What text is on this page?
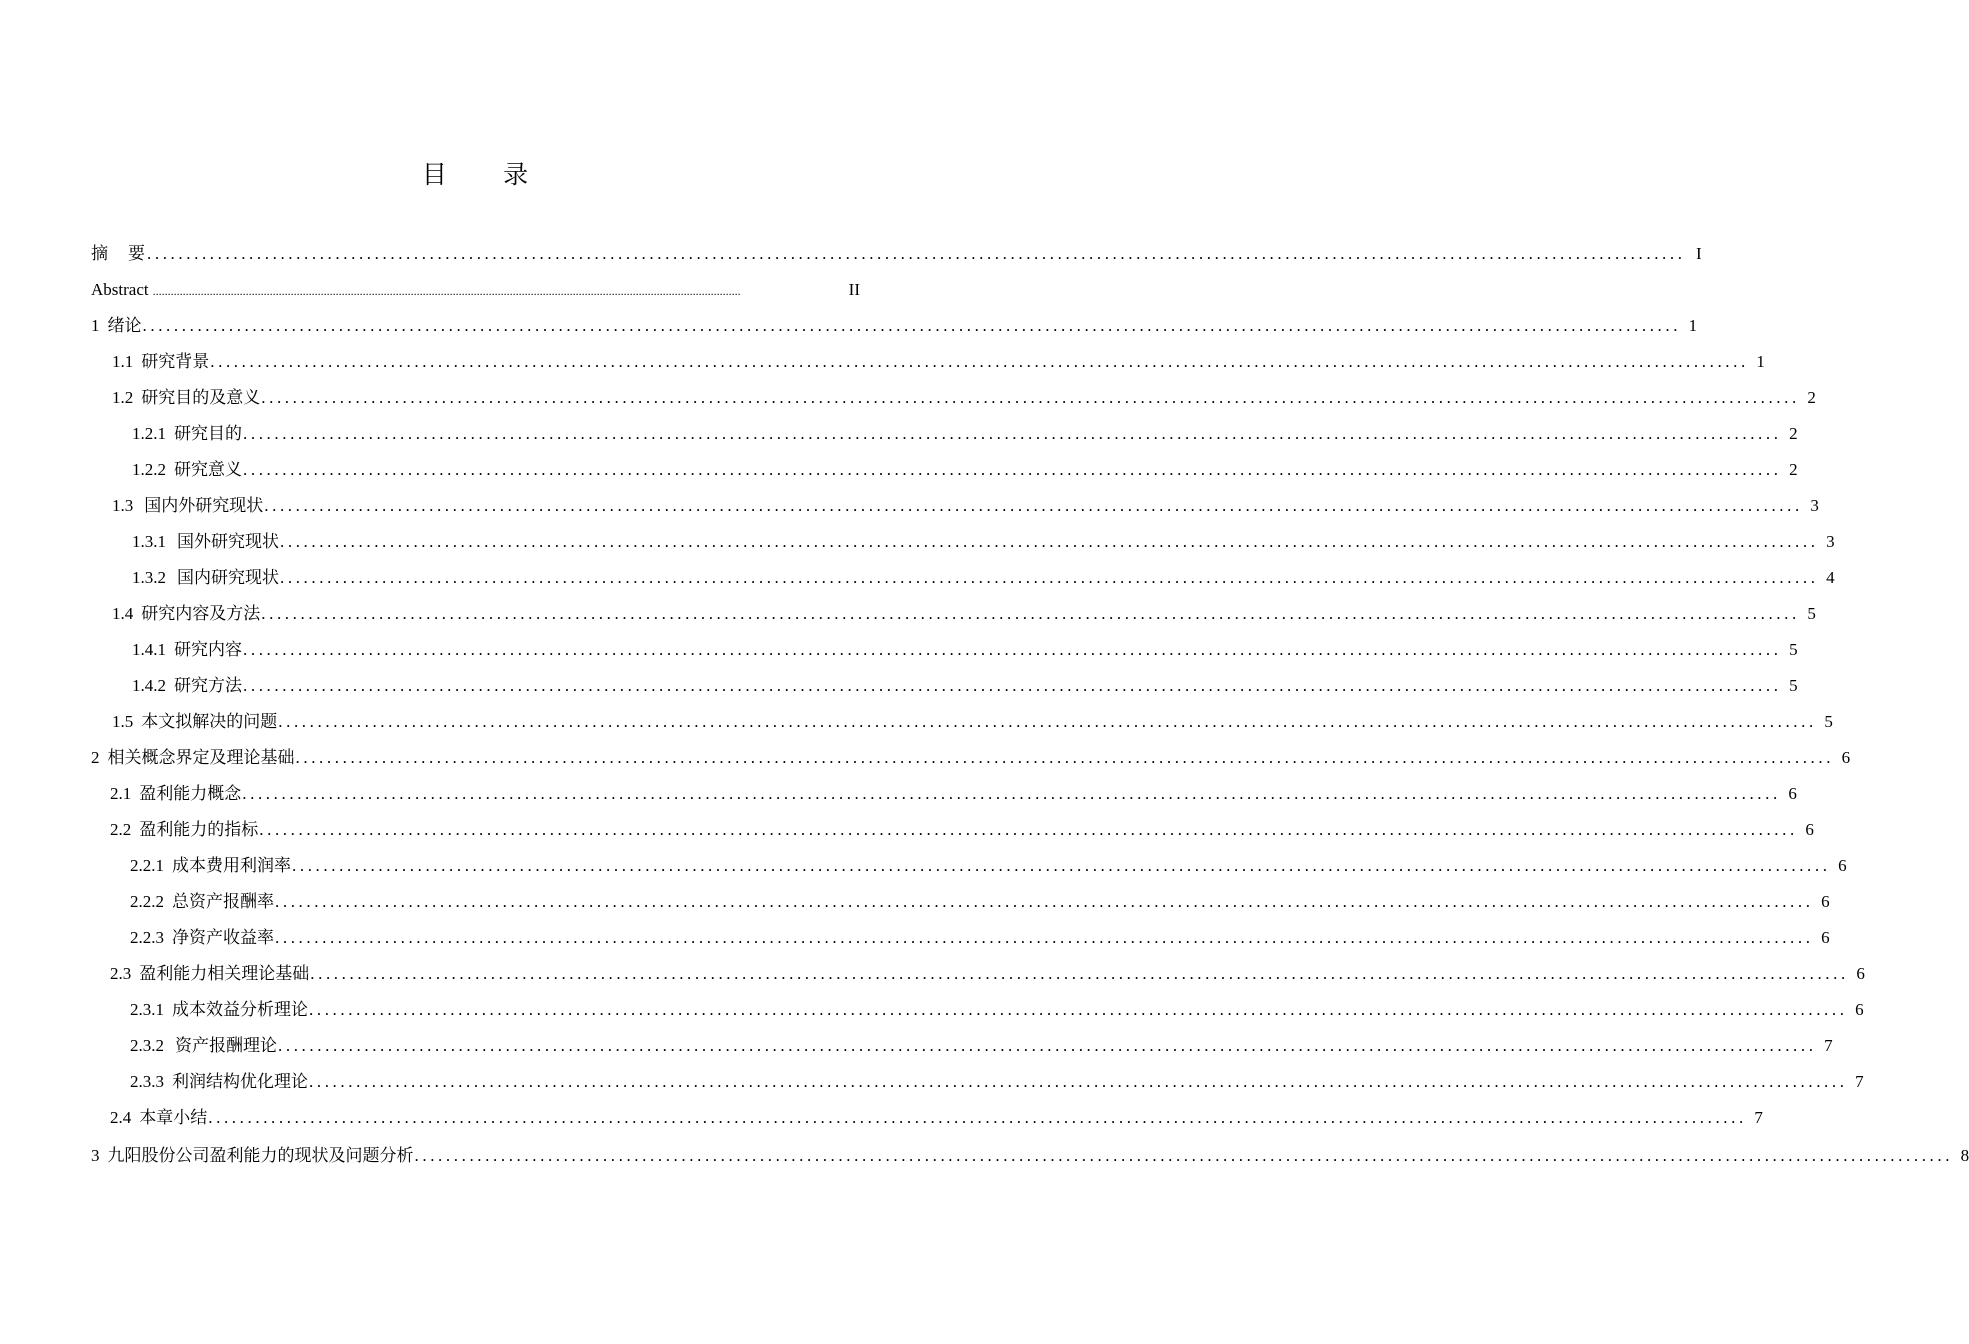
目 录
摘要
.................................................................................................................................................................................................... I
Abstract ....................................................................................................................................................................................................	II
1 绪论 .................................................................................................................................................................................................... 1
1.1 研究背景 .................................................................................................................................................................................................... 1
1.2 研究目的及意义 .................................................................................................................................................................................................... 2
1.2.1 研究目的 .................................................................................................................................................................................................... 2
1.2.2 研究意义 .................................................................................................................................................................................................... 2
1.3 国内外研究现状 .................................................................................................................................................................................................... 3
1.3.1 国外研究现状 .................................................................................................................................................................................................... 3
1.3.2 国内研究现状 .................................................................................................................................................................................................... 4
1.4 研究内容及方法 .................................................................................................................................................................................................... 5
1.4.1 研究内容 .................................................................................................................................................................................................... 5
1.4.2 研究方法 .................................................................................................................................................................................................... 5
1.5 本文拟解决的问题 .................................................................................................................................................................................................... 5
2 相关概念界定及理论基础 .................................................................................................................................................................................................... 6
2.1 盈利能力概念 .................................................................................................................................................................................................... 6
2.2 盈利能力的指标 .................................................................................................................................................................................................... 6
2.2.1 成本费用利润率 .................................................................................................................................................................................................... 6
2.2.2 总资产报酬率 .................................................................................................................................................................................................... 6
2.2.3 净资产收益率 .................................................................................................................................................................................................... 6
2.3 盈利能力相关理论基础 .................................................................................................................................................................................................... 6
2.3.1 成本效益分析理论 .................................................................................................................................................................................................... 6
2.3.2 资产报酬理论 .................................................................................................................................................................................................... 7
2.3.3 利润结构优化理论 .................................................................................................................................................................................................... 7
2.4 本章小结 .................................................................................................................................................................................................... 7
3 九阳股份公司盈利能力的现状及问题分析 .................................................................................................................................................................................................... 8
